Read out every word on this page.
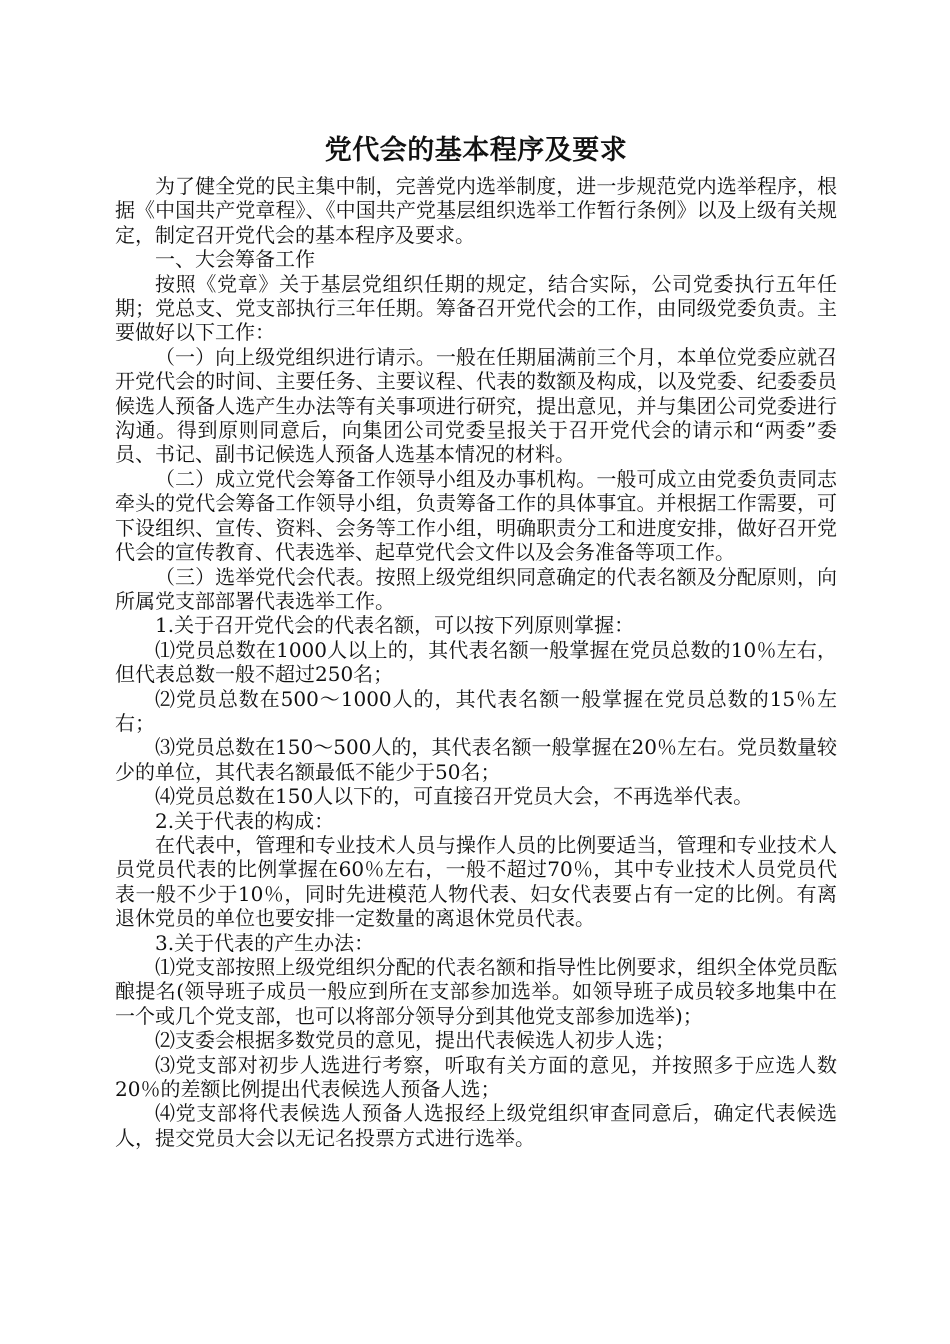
党代会的基本程序及要求

为了健全党的民主集中制，完善党内选举制度，进一步规范党内选举程序，根据《中国共产党章程》、《中国共产党基层组织选举工作暂行条例》以及上级有关规定，制定召开党代会的基本程序及要求。

一、大会筹备工作

按照《党章》关于基层党组织任期的规定，结合实际，公司党委执行五年任期；党总支、党支部执行三年任期。筹备召开党代会的工作，由同级党委负责。主要做好以下工作：

（一）向上级党组织进行请示。一般在任期届满前三个月，本单位党委应就召开党代会的时间、主要任务、主要议程、代表的数额及构成，以及党委、纪委委员候选人预备人选产生办法等有关事项进行研究，提出意见，并与集团公司党委进行沟通。得到原则同意后，向集团公司党委呈报关于召开党代会的请示和“两委”委员、书记、副书记候选人预备人选基本情况的材料。

（二）成立党代会筹备工作领导小组及办事机构。一般可成立由党委负责同志牵头的党代会筹备工作领导小组，负责筹备工作的具体事宜。并根据工作需要，可下设组织、宣传、资料、会务等工作小组，明确职责分工和进度安排，做好召开党代会的宣传教育、代表选举、起草党代会文件以及会务准备等项工作。

（三）选举党代会代表。按照上级党组织同意确定的代表名额及分配原则，向所属党支部部署代表选举工作。

1.关于召开党代会的代表名额，可以按下列原则掌握：

⑴党员总数在1000人以上的，其代表名额一般掌握在党员总数的10％左右，但代表总数一般不超过250名；

⑵党员总数在500～1000人的，其代表名额一般掌握在党员总数的15％左右；

⑶党员总数在150～500人的，其代表名额一般掌握在20％左右。党员数量较少的单位，其代表名额最低不能少于50名；

⑷党员总数在150人以下的，可直接召开党员大会，不再选举代表。

2.关于代表的构成：

在代表中，管理和专业技术人员与操作人员的比例要适当，管理和专业技术人员党员代表的比例掌握在60％左右，一般不超过70％，其中专业技术人员党员代表一般不少于10％，同时先进模范人物代表、妇女代表要占有一定的比例。有离退休党员的单位也要安排一定数量的离退休党员代表。

3.关于代表的产生办法：

⑴党支部按照上级党组织分配的代表名额和指导性比例要求，组织全体党员酝酿提名(领导班子成员一般应到所在支部参加选举。如领导班子成员较多地集中在一个或几个党支部，也可以将部分领导分到其他党支部参加选举)；

⑵支委会根据多数党员的意见，提出代表候选人初步人选；

⑶党支部对初步人选进行考察，听取有关方面的意见，并按照多于应选人数20％的差额比例提出代表候选人预备人选；

⑷党支部将代表候选人预备人选报经上级党组织审查同意后，确定代表候选人，提交党员大会以无记名投票方式进行选举。
